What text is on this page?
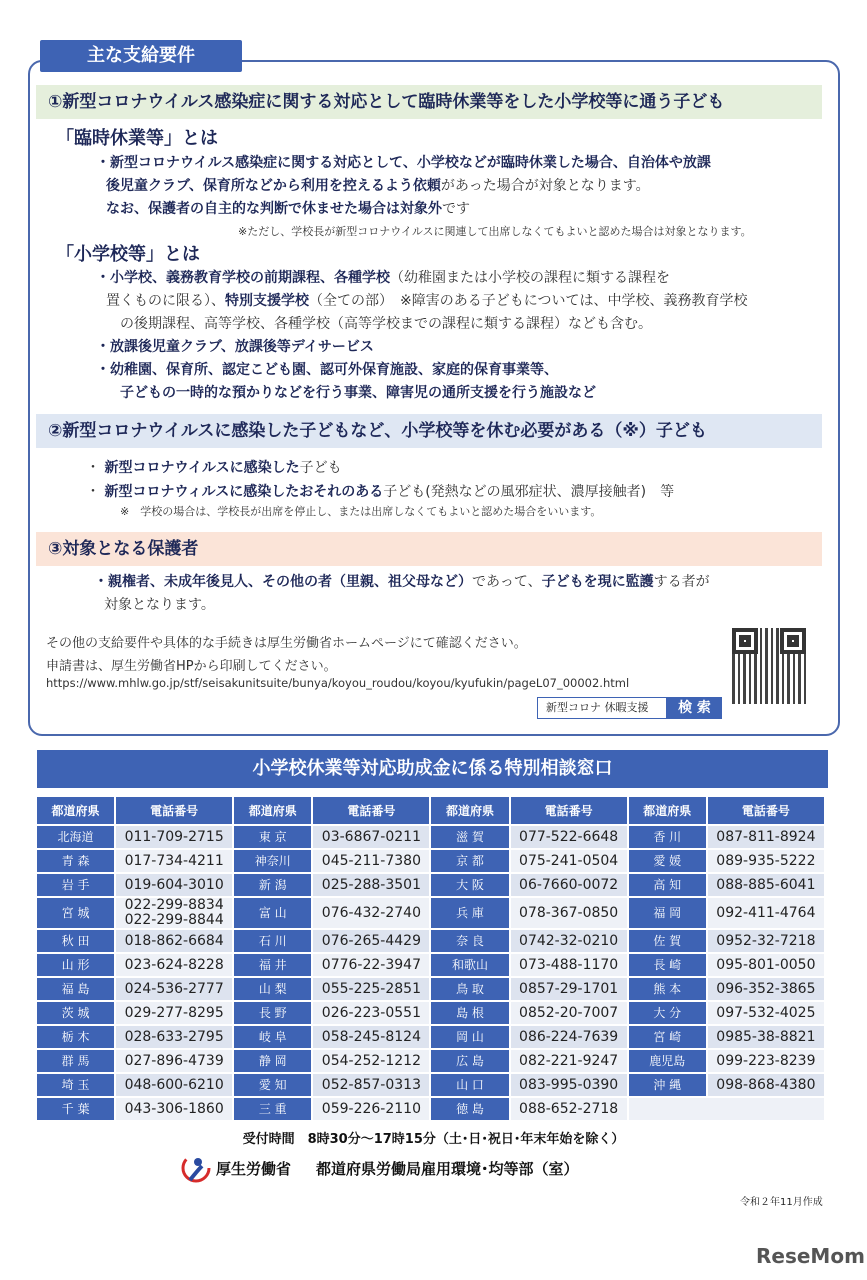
主な支給要件
①新型コロナウイルス感染症に関する対応として臨時休業等をした小学校等に通う子ども
「臨時休業等」とは
・新型コロナウイルス感染症に関する対応として、小学校などが臨時休業した場合、自治体や放課
後児童クラブ、保育所などから利用を控えるよう依頼があった場合が対象となります。
なお、保護者の自主的な判断で休ませた場合は対象外です
※ただし、学校長が新型コロナウイルスに関連して出席しなくてもよいと認めた場合は対象となります。
「小学校等」とは
・小学校、義務教育学校の前期課程、各種学校（幼稚園または小学校の課程に類する課程を
置くものに限る）、特別支援学校（全ての部）　※障害のある子どもについては、中学校、義務教育学校
の後期課程、高等学校、各種学校（高等学校までの課程に類する課程）なども含む。
・放課後児童クラブ、放課後等デイサービス
・幼稚園、保育所、認定こども園、認可外保育施設、家庭的保育事業等、
子どもの一時的な預かりなどを行う事業、障害児の通所支援を行う施設など
②新型コロナウイルスに感染した子どもなど、小学校等を休む必要がある（※）子ども
・ 新型コロナウイルスに感染した子ども
・ 新型コロナウィルスに感染したおそれのある子ども(発熱などの風邪症状、濃厚接触者)　等
※　学校の場合は、学校長が出席を停止し、または出席しなくてもよいと認めた場合をいいます。
③対象となる保護者
・親権者、未成年後見人、その他の者（里親、祖父母など）であって、子どもを現に監護する者が
対象となります。
その他の支給要件や具体的な手続きは厚生労働省ホームページにて確認ください。
申請書は、厚生労働省HPから印刷してください。
https://www.mhlw.go.jp/stf/seisakunitsuite/bunya/koyou_roudou/koyou/kyufukin/pageL07_00002.html
新型コロナ 休暇支援	検 索
小学校休業等対応助成金に係る特別相談窓口
都道府県	電話番号	都道府県	電話番号	都道府県	電話番号	都道府県	電話番号
北海道	011-709-2715	東 京	03-6867-0211	滋 賀	077-522-6648	香 川	087-811-8924
青 森	017-734-4211	神奈川	045-211-7380	京 都	075-241-0504	愛 媛	089-935-5222
岩 手	019-604-3010	新 潟	025-288-3501	大 阪	06-7660-0072	高 知	088-885-6041
宮 城	022-299-8834
022-299-8844	富 山	076-432-2740	兵 庫	078-367-0850	福 岡	092-411-4764
秋 田	018-862-6684	石 川	076-265-4429	奈 良	0742-32-0210	佐 賀	0952-32-7218
山 形	023-624-8228	福 井	0776-22-3947	和歌山	073-488-1170	長 崎	095-801-0050
福 島	024-536-2777	山 梨	055-225-2851	鳥 取	0857-29-1701	熊 本	096-352-3865
茨 城	029-277-8295	長 野	026-223-0551	島 根	0852-20-7007	大 分	097-532-4025
栃 木	028-633-2795	岐 阜	058-245-8124	岡 山	086-224-7639	宮 崎	0985-38-8821
群 馬	027-896-4739	静 岡	054-252-1212	広 島	082-221-9247	鹿児島	099-223-8239
埼 玉	048-600-6210	愛 知	052-857-0313	山 口	083-995-0390	沖 縄	098-868-4380
千 葉	043-306-1860	三 重	059-226-2110	徳 島	088-652-2718		
受付時間　8時30分～17時15分（土･日･祝日･年末年始を除く）
厚生労働省 都道府県労働局雇用環境･均等部（室）
令和２年11月作成
ReseMom
